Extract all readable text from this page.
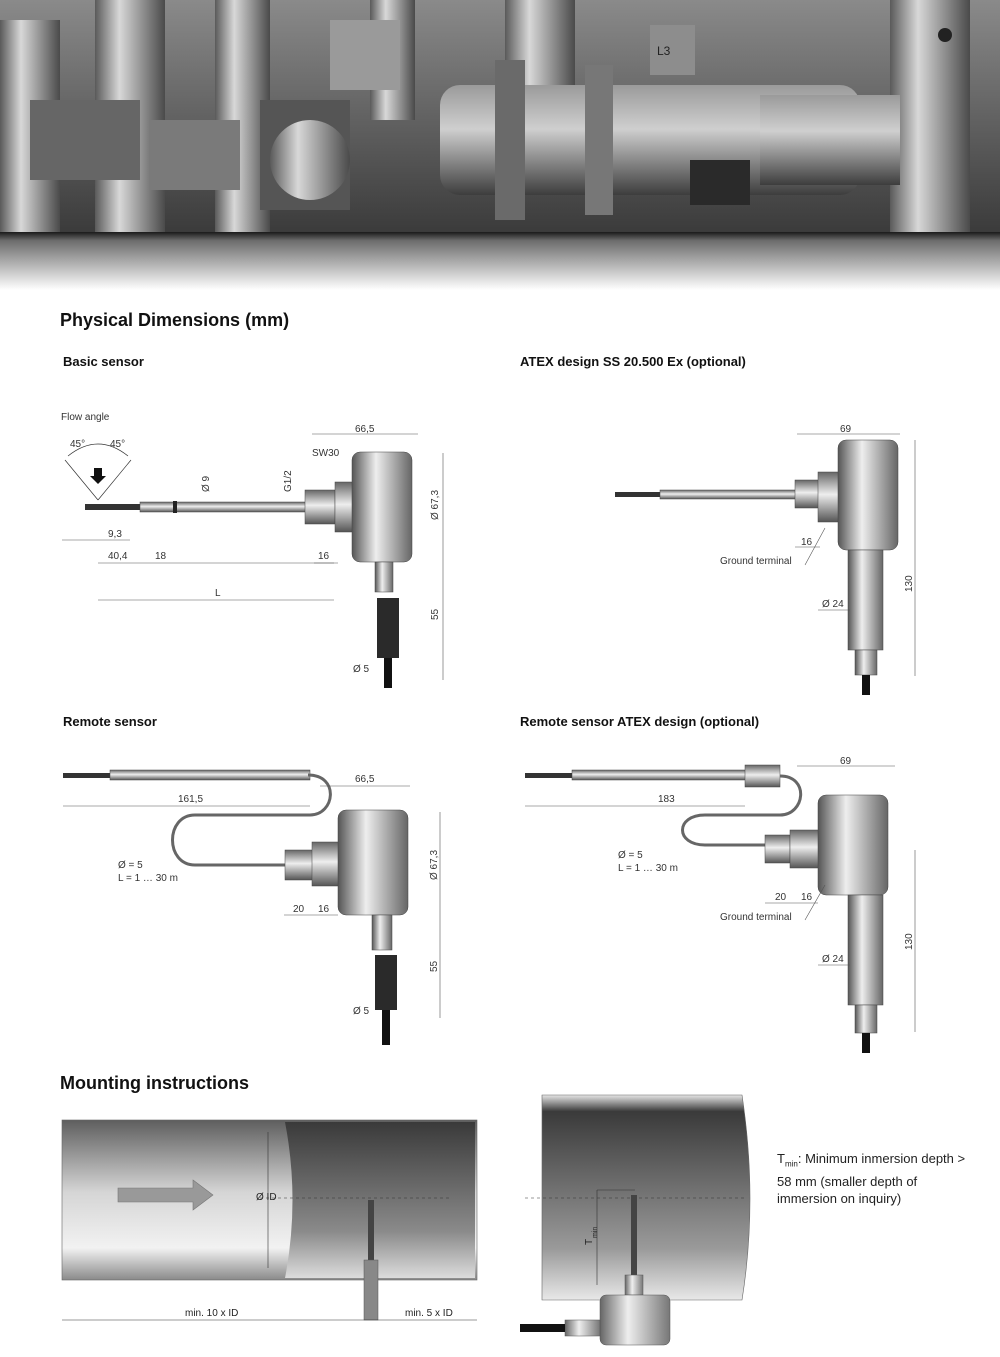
L3
Physical Dimensions (mm)
Basic sensor	ATEX design SS 20.500 Ex (optional)
Remote sensor	Remote sensor ATEX design (optional)
Flow angle
45° 45°
66,5
SW30
G1/2
Ø 9
Ø 67,3
9,3
40,4	18	16
L
55
Ø 5
69
16
Ground terminal
Ø 24
130
161,5
66,5
Ø = 5
L = 1 … 30 m	Ø 67,3
20 16
55
Ø 5
69
183
Ø = 5
L = 1 … 30 m
20 16
Ground terminal
Ø 24
130
Mounting instructions
Ø ID
min. 10 x ID	min. 5 x ID
T
min
$T_{min}$: Minimum inmersion depth > 58 mm (smaller depth of immersion on inquiry)
